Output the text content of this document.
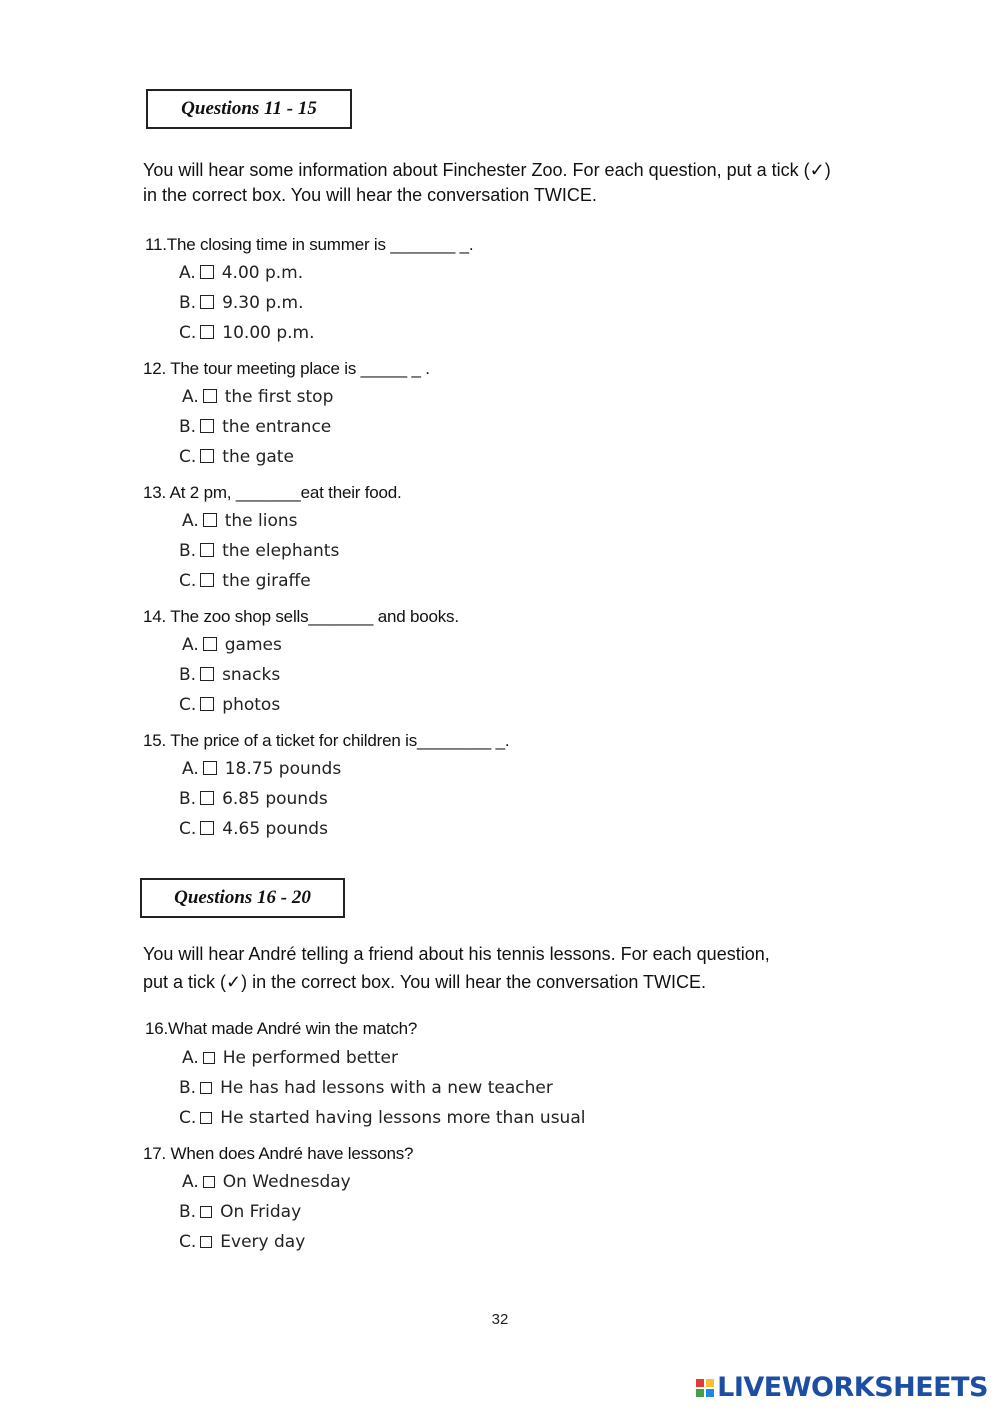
Questions 11 - 15
You will hear some information about Finchester Zoo. For each question, put a tick (✓)
in the correct box. You will hear the conversation TWICE.
11.The closing time in summer is _______ _.
A. 4.00 p.m.
B. 9.30 p.m.
C. 10.00 p.m.
12. The tour meeting place is _____ _ .
A. the first stop
B. the entrance
C. the gate
13. At 2 pm, _______eat their food.
A. the lions
B. the elephants
C. the giraffe
14. The zoo shop sells_______ and books.
A. games
B. snacks
C. photos
15. The price of a ticket for children is________ _.
A. 18.75 pounds
B. 6.85 pounds
C. 4.65 pounds
Questions 16 - 20
You will hear André telling a friend about his tennis lessons. For each question,
put a tick (✓) in the correct box. You will hear the conversation TWICE.
16.What made André win the match?
A. He performed better
B. He has had lessons with a new teacher
C. He started having lessons more than usual
17. When does André have lessons?
A. On Wednesday
B. On Friday
C. Every day
32
LIVEWORKSHEETS
